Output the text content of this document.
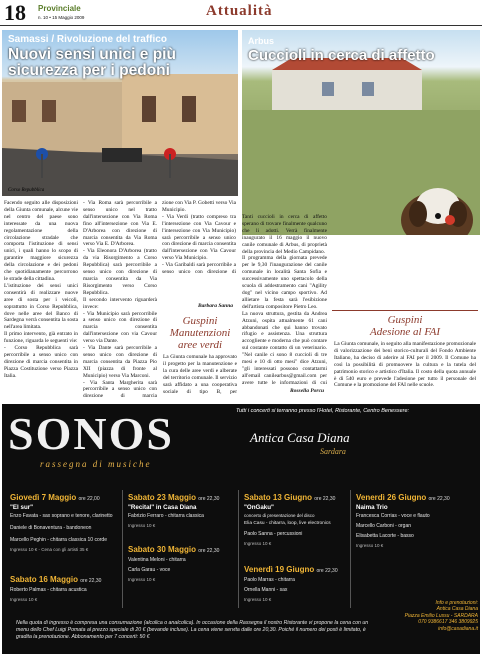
18 Provinciale
n. 10 • 15 Maggio 2009	Attualità
Samassi / Rivoluzione del traffico
Nuovi sensi unici e più sicurezza per i pedoni
Corso Repubblica
Arbus
Cuccioli in cerca di affetto
Facendo seguito alle disposizioni della Giunta comunale, alcune vie nel centro del paese sono interessate da una nuova regolamentazione della circolazione stradale che comporta l'istituzione di sensi unici, i quali hanno lo scopo di garantire maggiore sicurezza della circolazione e dei pedoni che quotidianamente percorrono le strade della cittadina.
L'istituzione dei sensi unici consentirà di realizzare nuove aree di sosta per i veicoli, soprattutto in Corso Repubblica, dove nelle aree del Banco di Sardegna verrà consentita la sosta nell'area limitata.
Il primo intervento, già entrato in funzione, riguarda le seguenti vie:
- Corso Repubblica sarà percorribile a senso unico con direzione di marcia consentita in Piazza Costituzione verso Piazza Italia.
- Via Roma sarà percorribile a senso unico nel tratto dall'intersezione con Via Roma fino all'intersezione con Via E. D'Arborea con direzione di marcia consentita da Via Roma verso Via E. D'Arborea.
- Via Eleonora D'Arborea (tratto da via Risorgimento a Corso Repubblica) sarà percorribile a senso unico con direzione di marcia consentita da Via Risorgimento verso Corso Repubblica.
Il secondo intervento riguarderà invece:
- Via Municipio sarà percorribile a senso unico con direzione di marcia consentita dall'intersezione con via Cavour verso via Dante.
- Via Dante sarà percorribile a senso unico con direzione di marcia consentita da Piazza Pio XII (piazza di fronte al Municipio) verso Via Marconi.
- Via Santa Margherita sarà percorribile a senso unico con direzione di marcia

zione con Via P. Gobetti verso Via Municipio.
- Via Verdi (tratto compreso tra l'intersezione con Via Cavour e l'intersezione con Via Municipio) sarà percorribile a senso unico con direzione di marcia consentita dall'intersezione con Via Cavour verso Via Municipio.
- Via Garibaldi sarà percorribile a senso unico con direzione di
Guspini
Manutenzioni
aree verdi
La Giunta comunale ha approvato il progetto per la manutenzione e la cura delle aree verdi e alberate del territorio comunale. Il servizio sarà affidato a una cooperativa sociale di tipo B, per
Barbara Sanna
Tanti cuccioli in cerca di affetto sperano di trovare finalmente qualcuno che li adotti. Verrà finalmente inaugurato il 16 maggio il nuovo canile comunale di Arbus, di proprietà della provincia del Medio Campidano.
Il programma della giornata prevede per le 9,30 l'inaugurazione del canile comunale in località Santa Sofia e successivamente uno spettacolo della scuola di addestramento cani "Agility dog" nel vicino campo sportivo. Ad allietare la festa sarà l'esibizione dell'artista compositore Pietro Leo.
La nuova struttura, gestita da Andrea Atzuni, ospita attualmente 61 cani abbandonati che qui hanno trovato rifugio e assistenza. Una struttura accogliente e moderna che può contare sul costante contatto di un veterinario. "Nel canile ci sono 8 cuccioli di tre mesi e 10 di otto mesi" dice Atzuni, "gli interessati possono contattarmi all'email canilearbus@gmail.com per avere tutte le informazioni di cui
Rossella Porcu
Guspini
Adesione al FAI
La Giunta comunale, in seguito alla manifestazione promozionale di valorizzazione dei beni storico-culturali del Fondo Ambiente Italiano, ha deciso di aderire al FAI per il 2009. Il Comune ha così la possibilità di promuovere la cultura e la tutela del patrimonio storico e artistico d'Italia. Il costo della quota annuale è di 540 euro e prevede l'adesione per tutto il personale del Comune e la promozione del FAI nelle scuole.
SONOS
rassegna di musiche
Tutti i concerti si terranno presso l'Hotel, Ristorante, Centro Benessere:
Antica Casa Diana
Sardara
Giovedì 7 Maggio ore 22,00
"El sur"
Enzo Favata - sax soprano e tenore, clarinetto
Daniele di Bonaventura - bandoneon
Marcello Peghin - chitarra classica 10 corde
Ingresso 10 € - Cena con gli artisti 35 €
Sabato 16 Maggio ore 22,30
Roberto Palmas - chitarra acustica
Ingresso 10 €
Sabato 23 Maggio ore 22,30
"Recital" in Casa Diana
Fabrizio Ferraro - chitarra classica
Ingresso 10 €
Sabato 30 Maggio ore 22,30
Valentina Meloni - chitarra
Carla Garau - voce
Ingresso 10 €
Sabato 13 Giugno ore 22,30
"OnGaku"
concerto di presentazione del disco
Elia Casu - chitarra, loop, live electronics
Paolo Sanna - percussioni
Ingresso 10 €
Venerdì 19 Giugno ore 22,30
Paolo Marras - chitarra
Ornella Manni - sax
Ingresso 10 €
Venerdì 26 Giugno ore 22,30
Naima Trio
Francesca Corrias - voce e flauto
Marcello Carboni - organ
Elisabetta Lacorte - basso
Ingresso 10 €
Info e prenotazioni:
Antica Casa Diana
Piazza Emilio Lussu - SARDARA
070 9386617 346 3809925
info@casadiana.it
Nella quota di ingresso è compresa una consumazione (alcolica o analcolica). In occasione della Rassegna il nostro Ristorante vi propone la cena con un menu dello Chef Luigi Pomata al prezzo speciale di 20 € (bevande incluse). La cena viene servita dalle ore 20,30. Poiché il numero dei posti è limitato, è gradita la prenotazione. Abbonamento per 7 concerti: 50 €
